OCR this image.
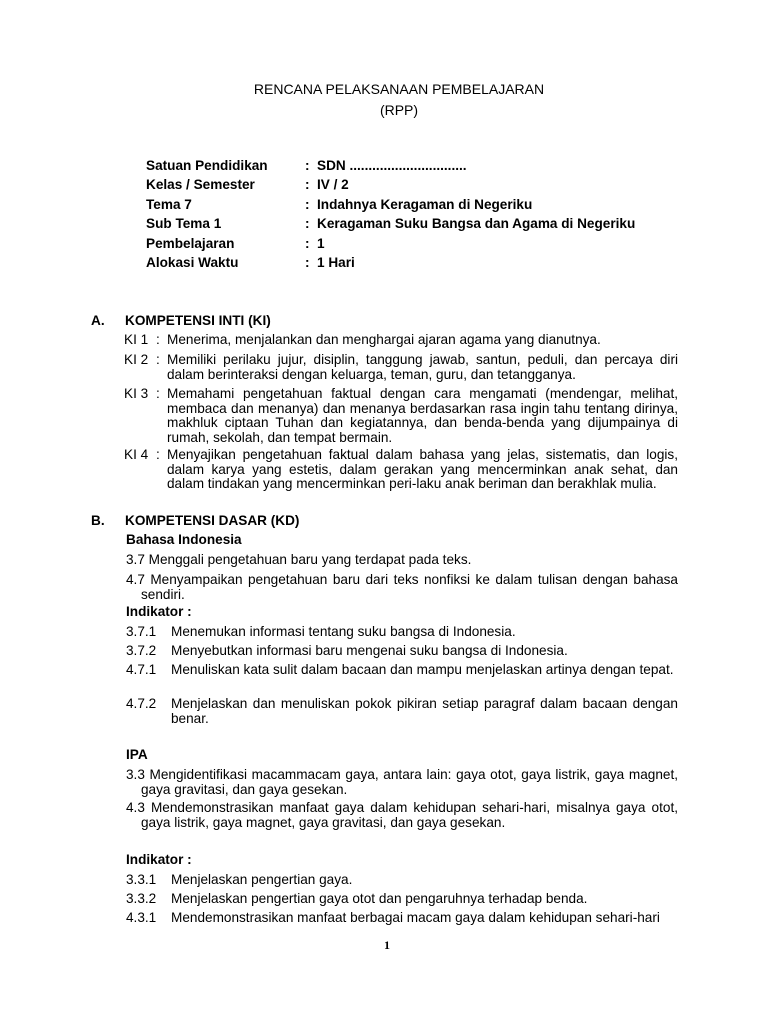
RENCANA PELAKSANAAN PEMBELAJARAN
(RPP)
Satuan Pendidikan	: SDN ...............................
Kelas / Semester	: IV / 2
Tema 7	: Indahnya Keragaman di Negeriku
Sub Tema 1	: Keragaman Suku Bangsa dan Agama di Negeriku
Pembelajaran	: 1
Alokasi Waktu	: 1 Hari
A. KOMPETENSI INTI (KI)
KI 1 : Menerima, menjalankan dan menghargai ajaran agama yang dianutnya.
KI 2 : Memiliki perilaku jujur, disiplin, tanggung jawab, santun, peduli, dan percaya diri dalam berinteraksi dengan keluarga, teman, guru, dan tetangganya.
KI 3 : Memahami pengetahuan faktual dengan cara mengamati (mendengar, melihat, membaca dan menanya) dan menanya berdasarkan rasa ingin tahu tentang dirinya, makhluk ciptaan Tuhan dan kegiatannya, dan benda-benda yang dijumpainya di rumah, sekolah, dan tempat bermain.
KI 4 : Menyajikan pengetahuan faktual dalam bahasa yang jelas, sistematis, dan logis, dalam karya yang estetis, dalam gerakan yang mencerminkan anak sehat, dan dalam tindakan yang mencerminkan peri-laku anak beriman dan berakhlak mulia.
B. KOMPETENSI DASAR (KD)
Bahasa Indonesia
3.7 Menggali pengetahuan baru yang terdapat pada teks.
4.7 Menyampaikan pengetahuan baru dari teks nonfiksi ke dalam tulisan dengan bahasa sendiri.
Indikator :
3.7.1 Menemukan informasi tentang suku bangsa di Indonesia.
3.7.2 Menyebutkan informasi baru mengenai suku bangsa di Indonesia.
4.7.1 Menuliskan kata sulit dalam bacaan dan mampu menjelaskan artinya dengan tepat.
4.7.2 Menjelaskan dan menuliskan pokok pikiran setiap paragraf dalam bacaan dengan benar.
IPA
3.3 Mengidentifikasi macammacam gaya, antara lain: gaya otot, gaya listrik, gaya magnet, gaya gravitasi, dan gaya gesekan.
4.3 Mendemonstrasikan manfaat gaya dalam kehidupan sehari-hari, misalnya gaya otot, gaya listrik, gaya magnet, gaya gravitasi, dan gaya gesekan.
Indikator :
3.3.1 Menjelaskan pengertian gaya.
3.3.2 Menjelaskan pengertian gaya otot dan pengaruhnya terhadap benda.
4.3.1 Mendemonstrasikan manfaat berbagai macam gaya dalam kehidupan sehari-hari
1
